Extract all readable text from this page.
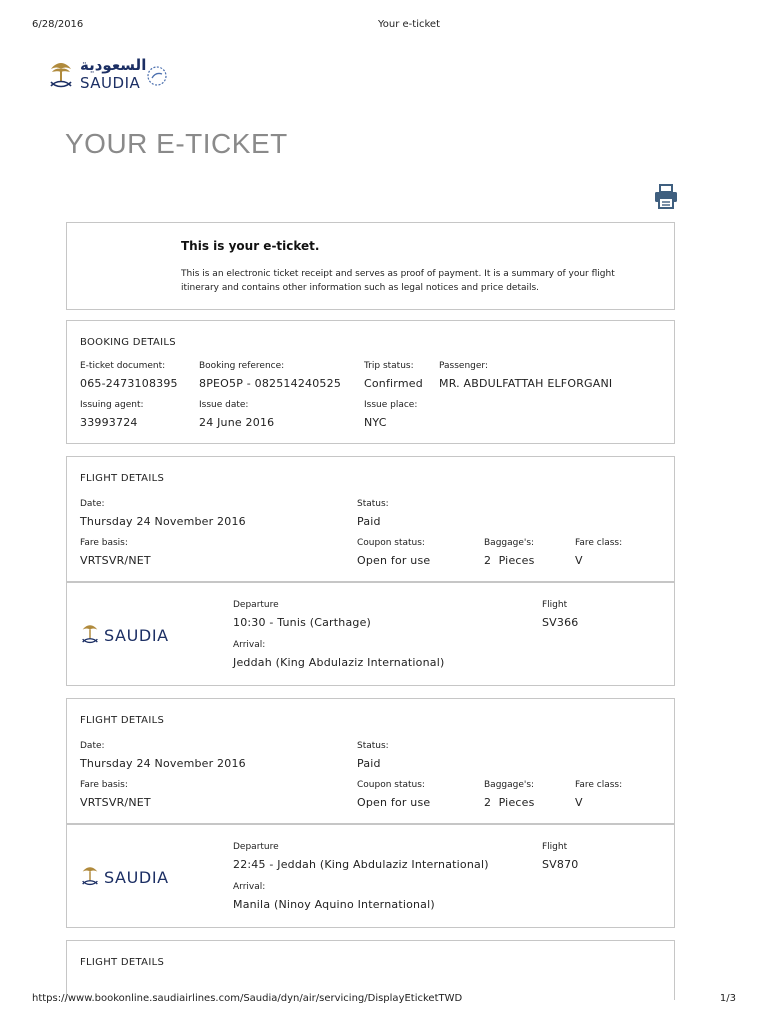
6/28/2016	Your e-ticket
السعودية
SAUDIA
YOUR E-TICKET
This is your e-ticket.
This is an electronic ticket receipt and serves as proof of payment. It is a summary of your flight itinerary and contains other information such as legal notices and price details.
BOOKING DETAILS
E-ticket document:
065-2473108395
Booking reference:
8PEO5P - 082514240525
Trip status:
Confirmed
Passenger:
MR. ABDULFATTAH ELFORGANI
Issuing agent:
33993724
Issue date:
24 June 2016
Issue place:
NYC
FLIGHT DETAILS
Date:
Thursday 24 November 2016
Status:
Paid
Fare basis:
VRTSVR/NET
Coupon status:
Open for use
Baggage's:
2  Pieces
Fare class:
V
SAUDIA
Departure
10:30 - Tunis (Carthage)
Arrival:
Jeddah (King Abdulaziz International)
Flight
SV366
FLIGHT DETAILS
Date:
Thursday 24 November 2016
Status:
Paid
Fare basis:
VRTSVR/NET
Coupon status:
Open for use
Baggage's:
2  Pieces
Fare class:
V
SAUDIA
Departure
22:45 - Jeddah (King Abdulaziz International)
Arrival:
Manila (Ninoy Aquino International)
Flight
SV870
FLIGHT DETAILS
https://www.bookonline.saudiairlines.com/Saudia/dyn/air/servicing/DisplayEticketTWD	1/3
